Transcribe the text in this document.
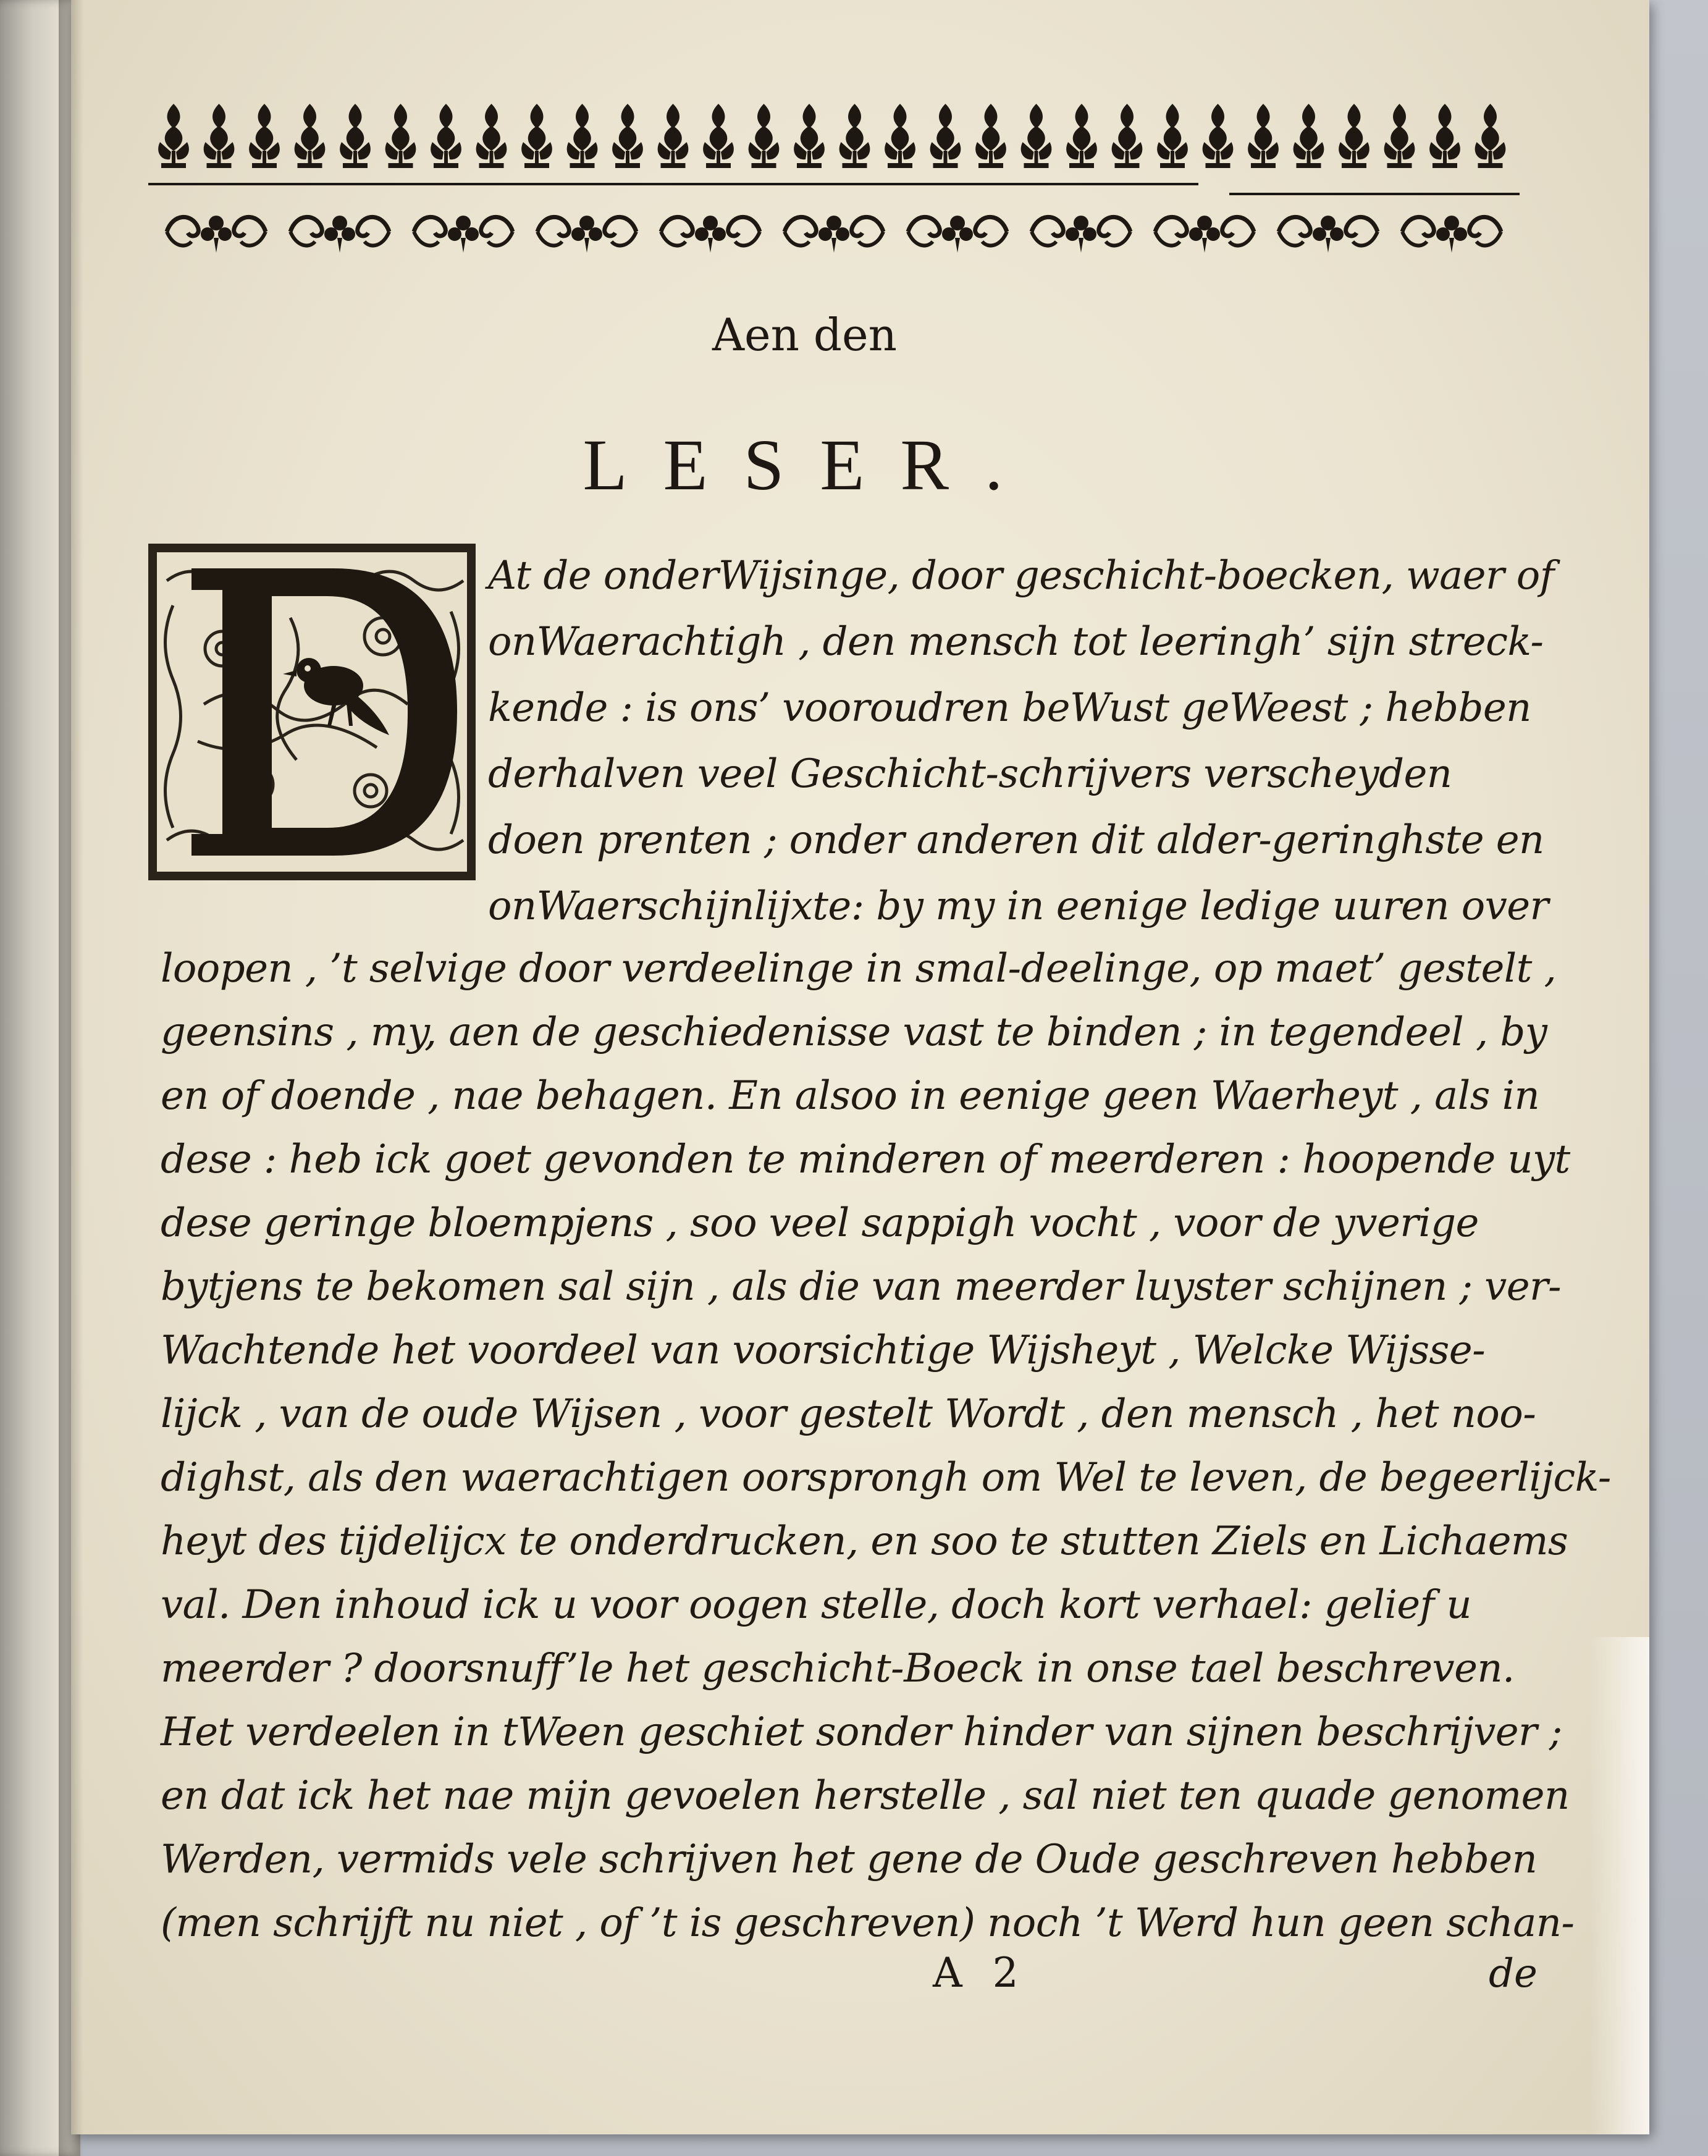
Aen den
LESER.
At de onderWijsinge, door geschicht-boecken, waer of
onWaerachtigh , den mensch tot leeringh’ sijn streck-
kende : is ons’ vooroudren beWust geWeest ; hebben
derhalven veel Geschicht-schrijvers verscheyden
doen prenten ; onder anderen dit alder-geringhste en
onWaerschijnlijxte: by my in eenige ledige uuren over
loopen , ’t selvige door verdeelinge in smal-deelinge, op maet’ gestelt ,
geensins , my, aen de geschiedenisse vast te binden ; in tegendeel , by
en of doende , nae behagen. En alsoo in eenige geen Waerheyt , als in
dese : heb ick goet gevonden te minderen of meerderen : hoopende uyt
dese geringe bloempjens , soo veel sappigh vocht , voor de yverige
bytjens te bekomen sal sijn , als die van meerder luyster schijnen ; ver-
Wachtende het voordeel van voorsichtige Wijsheyt , Welcke Wijsse-
lijck , van de oude Wijsen , voor gestelt Wordt , den mensch , het noo-
dighst, als den waerachtigen oorsprongh om Wel te leven, de begeerlijck-
heyt des tijdelijcx te onderdrucken, en soo te stutten Ziels en Lichaems
val. Den inhoud ick u voor oogen stelle, doch kort verhael: gelief u
meerder ? doorsnuff’le het geschicht-Boeck in onse tael beschreven.
Het verdeelen in tWeen geschiet sonder hinder van sijnen beschrijver ;
en dat ick het nae mijn gevoelen herstelle , sal niet ten quade genomen
Werden, vermids vele schrijven het gene de Oude geschreven hebben
(men schrijft nu niet , of ’t is geschreven) noch ’t Werd hun geen schan-
A 2	de
